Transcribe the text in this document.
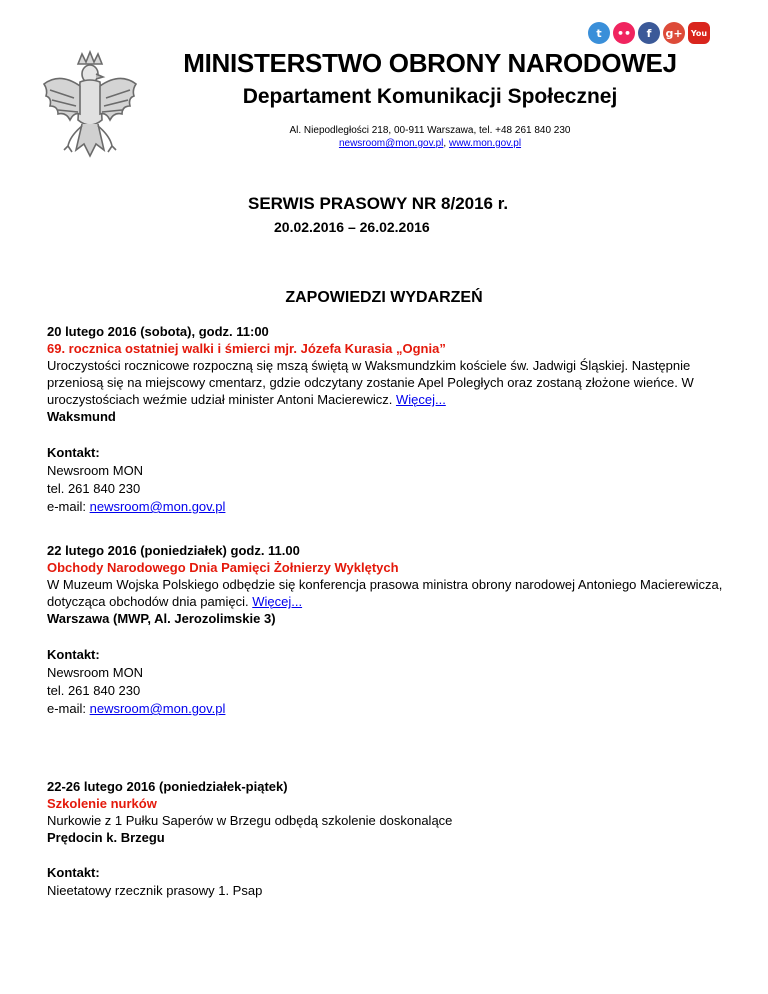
t •• f g+ You

MINISTERSTWO OBRONY NARODOWEJ

Departament Komunikacji Społecznej

Al. Niepodległości 218, 00-911 Warszawa, tel. +48 261 840 230
newsroom@mon.gov.pl, www.mon.gov.pl
SERWIS PRASOWY NR 8/2016 r.
20.02.2016 – 26.02.2016
ZAPOWIEDZI WYDARZEŃ
20 lutego 2016 (sobota), godz. 11:00
69. rocznica ostatniej walki i śmierci mjr. Józefa Kurasia „Ognia”
Uroczystości rocznicowe rozpoczną się mszą świętą w Waksmundzkim kościele św. Jadwigi Śląskiej. Następnie przeniosą się na miejscowy cmentarz, gdzie odczytany zostanie Apel Poległych oraz zostaną złożone wieńce. W uroczystościach weźmie udział minister Antoni Macierewicz. Więcej...
Waksmund
Kontakt:
Newsroom MON
tel. 261 840 230
e-mail: newsroom@mon.gov.pl
22 lutego 2016 (poniedziałek) godz. 11.00
Obchody Narodowego Dnia Pamięci Żołnierzy Wyklętych
W Muzeum Wojska Polskiego odbędzie się konferencja prasowa ministra obrony narodowej Antoniego Macierewicza, dotycząca obchodów dnia pamięci. Więcej...
Warszawa (MWP, Al. Jerozolimskie 3)
Kontakt:
Newsroom MON
tel. 261 840 230
e-mail: newsroom@mon.gov.pl
22-26 lutego 2016 (poniedziałek-piątek)
Szkolenie nurków
Nurkowie z 1 Pułku Saperów w Brzegu odbędą szkolenie doskonalące
Prędocin k. Brzegu
Kontakt:
Nieetatowy rzecznik prasowy 1. Psap
